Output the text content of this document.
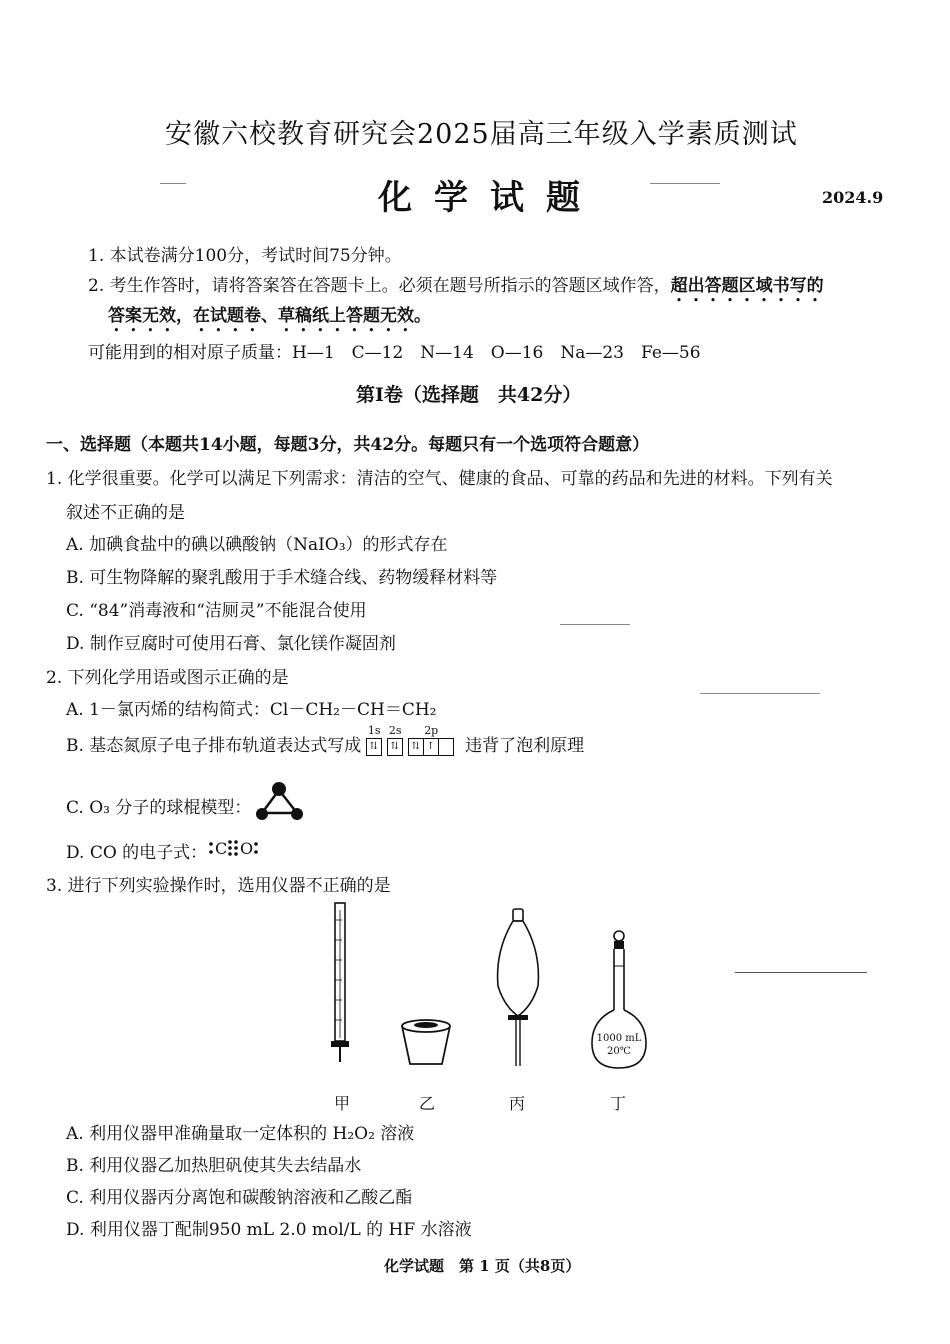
安徽六校教育研究会2025届高三年级入学素质测试
化学试题	2024.9
1. 本试卷满分100分，考试时间75分钟。
2. 考生作答时，请将答案答在答题卡上。必须在题号所指示的答题区域作答，超出答题区域书写的
答案无效，在试题卷、草稿纸上答题无效。
可能用到的相对原子质量：H—1　C—12　N—14　O—16　Na—23　Fe—56
第Ⅰ卷（选择题　共42分）
一、选择题（本题共14小题，每题3分，共42分。每题只有一个选项符合题意）
1. 化学很重要。化学可以满足下列需求：清洁的空气、健康的食品、可靠的药品和先进的材料。下列有关
叙述不正确的是
A. 加碘食盐中的碘以碘酸钠（NaIO₃）的形式存在
B. 可生物降解的聚乳酸用于手术缝合线、药物缓释材料等
C. “84”消毒液和“洁厕灵”不能混合使用
D. 制作豆腐时可使用石膏、氯化镁作凝固剂
2. 下列化学用语或图示正确的是
A. 1－氯丙烯的结构简式：Cl－CH₂－CH＝CH₂
B. 基态氮原子电子排布轨道表达式写成
1s
⇅
2s
⇅
2p
⇅ ↑ 违背了泡利原理
C. O₃ 分子的球棍模型：
D. CO 的电子式： C O
3. 进行下列实验操作时，选用仪器不正确的是
1000 mL
20℃
甲	乙	丙	丁
A. 利用仪器甲准确量取一定体积的 H₂O₂ 溶液
B. 利用仪器乙加热胆矾使其失去结晶水
C. 利用仪器丙分离饱和碳酸钠溶液和乙酸乙酯
D. 利用仪器丁配制950 mL 2.0 mol/L 的 HF 水溶液
化学试题　第 1 页（共8页）
